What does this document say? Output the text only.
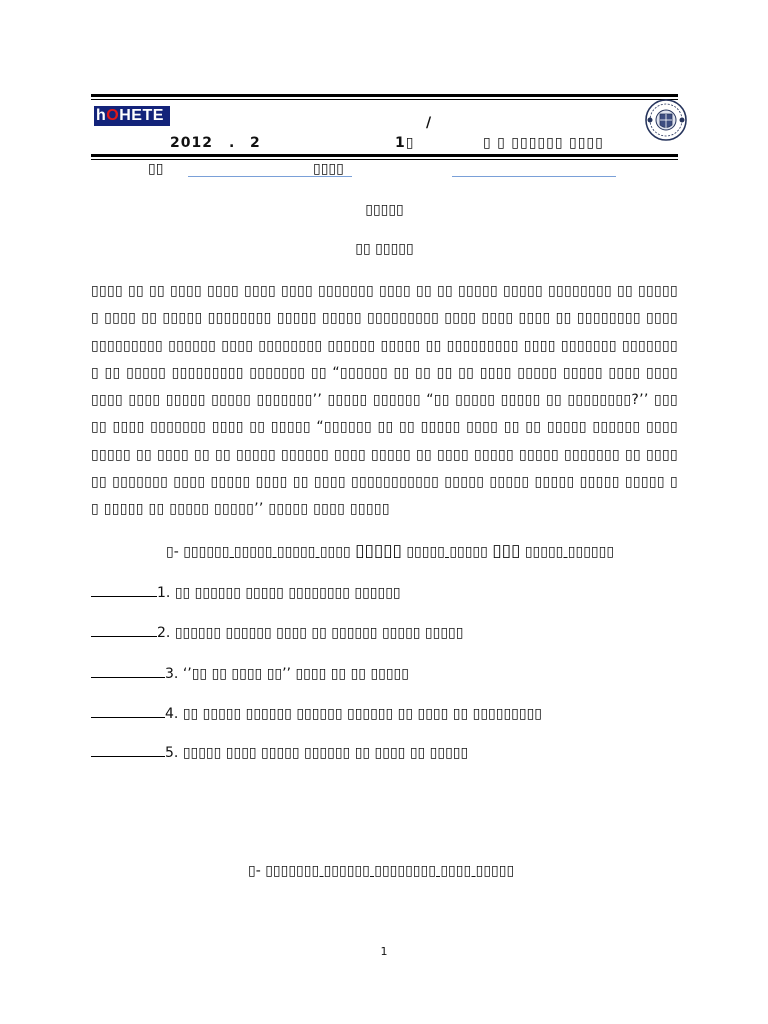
hOHETE	/
2012 . 2	1▯	▯ ▯ ▯▯▯▯▯▯ ▯▯▯▯
▯▯	▯▯▯▯
▯▯▯▯▯
▯▯ ▯▯▯▯▯
▯▯▯▯ ▯▯ ▯▯ ▯▯▯▯ ▯▯▯▯ ▯▯▯▯ ▯▯▯▯ ▯▯▯▯▯▯▯ ▯▯▯▯ ▯▯ ▯▯ ▯▯▯▯▯ ▯▯▯▯▯ ▯▯▯▯▯▯▯▯ ▯▯ ▯▯▯▯▯▯ ▯▯▯▯ ▯▯ ▯▯▯▯▯ ▯▯▯▯▯▯▯▯ ▯▯▯▯▯ ▯▯▯▯▯ ▯▯▯▯▯▯▯▯▯ ▯▯▯▯ ▯▯▯▯ ▯▯▯▯ ▯▯ ▯▯▯▯▯▯▯▯ ▯▯▯▯▯▯▯▯▯▯▯▯▯ ▯▯▯▯▯▯ ▯▯▯▯ ▯▯▯▯▯▯▯▯ ▯▯▯▯▯▯ ▯▯▯▯▯ ▯▯ ▯▯▯▯▯▯▯▯▯ ▯▯▯▯ ▯▯▯▯▯▯▯ ▯▯▯▯▯▯▯▯ ▯▯ ▯▯▯▯▯ ▯▯▯▯▯▯▯▯▯ ▯▯▯▯▯▯▯ ▯▯ “▯▯▯▯▯▯ ▯▯ ▯▯ ▯▯ ▯▯ ▯▯▯▯ ▯▯▯▯▯ ▯▯▯▯▯ ▯▯▯▯ ▯▯▯▯ ▯▯▯▯ ▯▯▯▯ ▯▯▯▯▯ ▯▯▯▯▯ ▯▯▯▯▯▯▯’’ ▯▯▯▯▯ ▯▯▯▯▯▯ “▯▯ ▯▯▯▯▯ ▯▯▯▯▯ ▯▯ ▯▯▯▯▯▯▯▯?’’ ▯▯▯▯▯ ▯▯▯▯ ▯▯▯▯▯▯▯ ▯▯▯▯ ▯▯ ▯▯▯▯▯ “▯▯▯▯▯▯ ▯▯ ▯▯ ▯▯▯▯▯ ▯▯▯▯ ▯▯ ▯▯ ▯▯▯▯▯ ▯▯▯▯▯▯ ▯▯▯▯ ▯▯▯▯▯ ▯▯ ▯▯▯▯ ▯▯ ▯▯ ▯▯▯▯▯ ▯▯▯▯▯▯ ▯▯▯▯ ▯▯▯▯▯ ▯▯ ▯▯▯▯ ▯▯▯▯▯ ▯▯▯▯▯ ▯▯▯▯▯▯▯ ▯▯ ▯▯▯▯ ▯▯ ▯▯▯▯▯▯▯ ▯▯▯▯ ▯▯▯▯▯ ▯▯▯▯ ▯▯ ▯▯▯▯ ▯▯▯▯▯▯▯▯▯▯▯ ▯▯▯▯▯ ▯▯▯▯▯ ▯▯▯▯▯ ▯▯▯▯▯ ▯▯▯▯▯ ▯▯ ▯▯▯▯▯ ▯▯ ▯▯▯▯▯ ▯▯▯▯▯’’ ▯▯▯▯▯ ▯▯▯▯ ▯▯▯▯▯
▯- ▯▯▯▯▯▯ ▯▯▯▯▯ ▯▯▯▯▯ ▯▯▯▯ ▯▯▯▯▯ ▯▯▯▯▯ ▯▯▯▯▯ ▯▯▯ ▯▯▯▯▯ ▯▯▯▯▯▯
1. ▯▯ ▯▯▯▯▯▯ ▯▯▯▯▯ ▯▯▯▯▯▯▯▯ ▯▯▯▯▯▯
2. ▯▯▯▯▯▯ ▯▯▯▯▯▯ ▯▯▯▯ ▯▯ ▯▯▯▯▯▯ ▯▯▯▯▯ ▯▯▯▯▯
3. ‘’▯▯ ▯▯ ▯▯▯▯ ▯▯’’ ▯▯▯▯ ▯▯ ▯▯ ▯▯▯▯▯
4. ▯▯ ▯▯▯▯▯ ▯▯▯▯▯▯ ▯▯▯▯▯▯ ▯▯▯▯▯▯ ▯▯ ▯▯▯▯ ▯▯ ▯▯▯▯▯▯▯▯▯
5. ▯▯▯▯▯ ▯▯▯▯ ▯▯▯▯▯ ▯▯▯▯▯▯ ▯▯ ▯▯▯▯ ▯▯ ▯▯▯▯▯
▯- ▯▯▯▯▯▯▯ ▯▯▯▯▯▯ ▯▯▯▯▯▯▯▯ ▯▯▯▯ ▯▯▯▯▯
1
